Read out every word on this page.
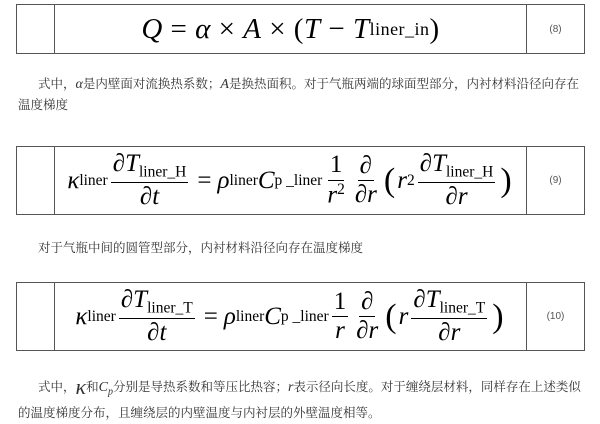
Q
=
α
×
A
×
( T
−
T liner_in )	(8)
式中，α是内壁面对流换热系数；A是换热面积。对于气瓶两端的球面型部分，内衬材料沿径向存在温度梯度
κ liner $\frac{\partial T_{liner\_H}}{\partial t} = \rho$ liner C p _liner $\frac{1}{r^2} \frac{\partial}{\partial r}$ ( r $2 \frac{\partial T_{liner\_H}}{\partial r}$ )	(9)
对于气瓶中间的圆管型部分，内衬材料沿径向存在温度梯度
κ liner $\frac{\partial T_{liner\_T}}{\partial t} = \rho$ liner C p _liner $\frac{1}{r} \frac{\partial}{\partial r}$ ( r $\frac{\partial T_{liner\_T}}{\partial r}$ )	(10)
式中，κ和$C_p$分别是导热系数和等压比热容；r表示径向长度。对于缠绕层材料，同样存在上述类似的温度梯度分布，且缠绕层的内壁温度与内衬层的外壁温度相等。
